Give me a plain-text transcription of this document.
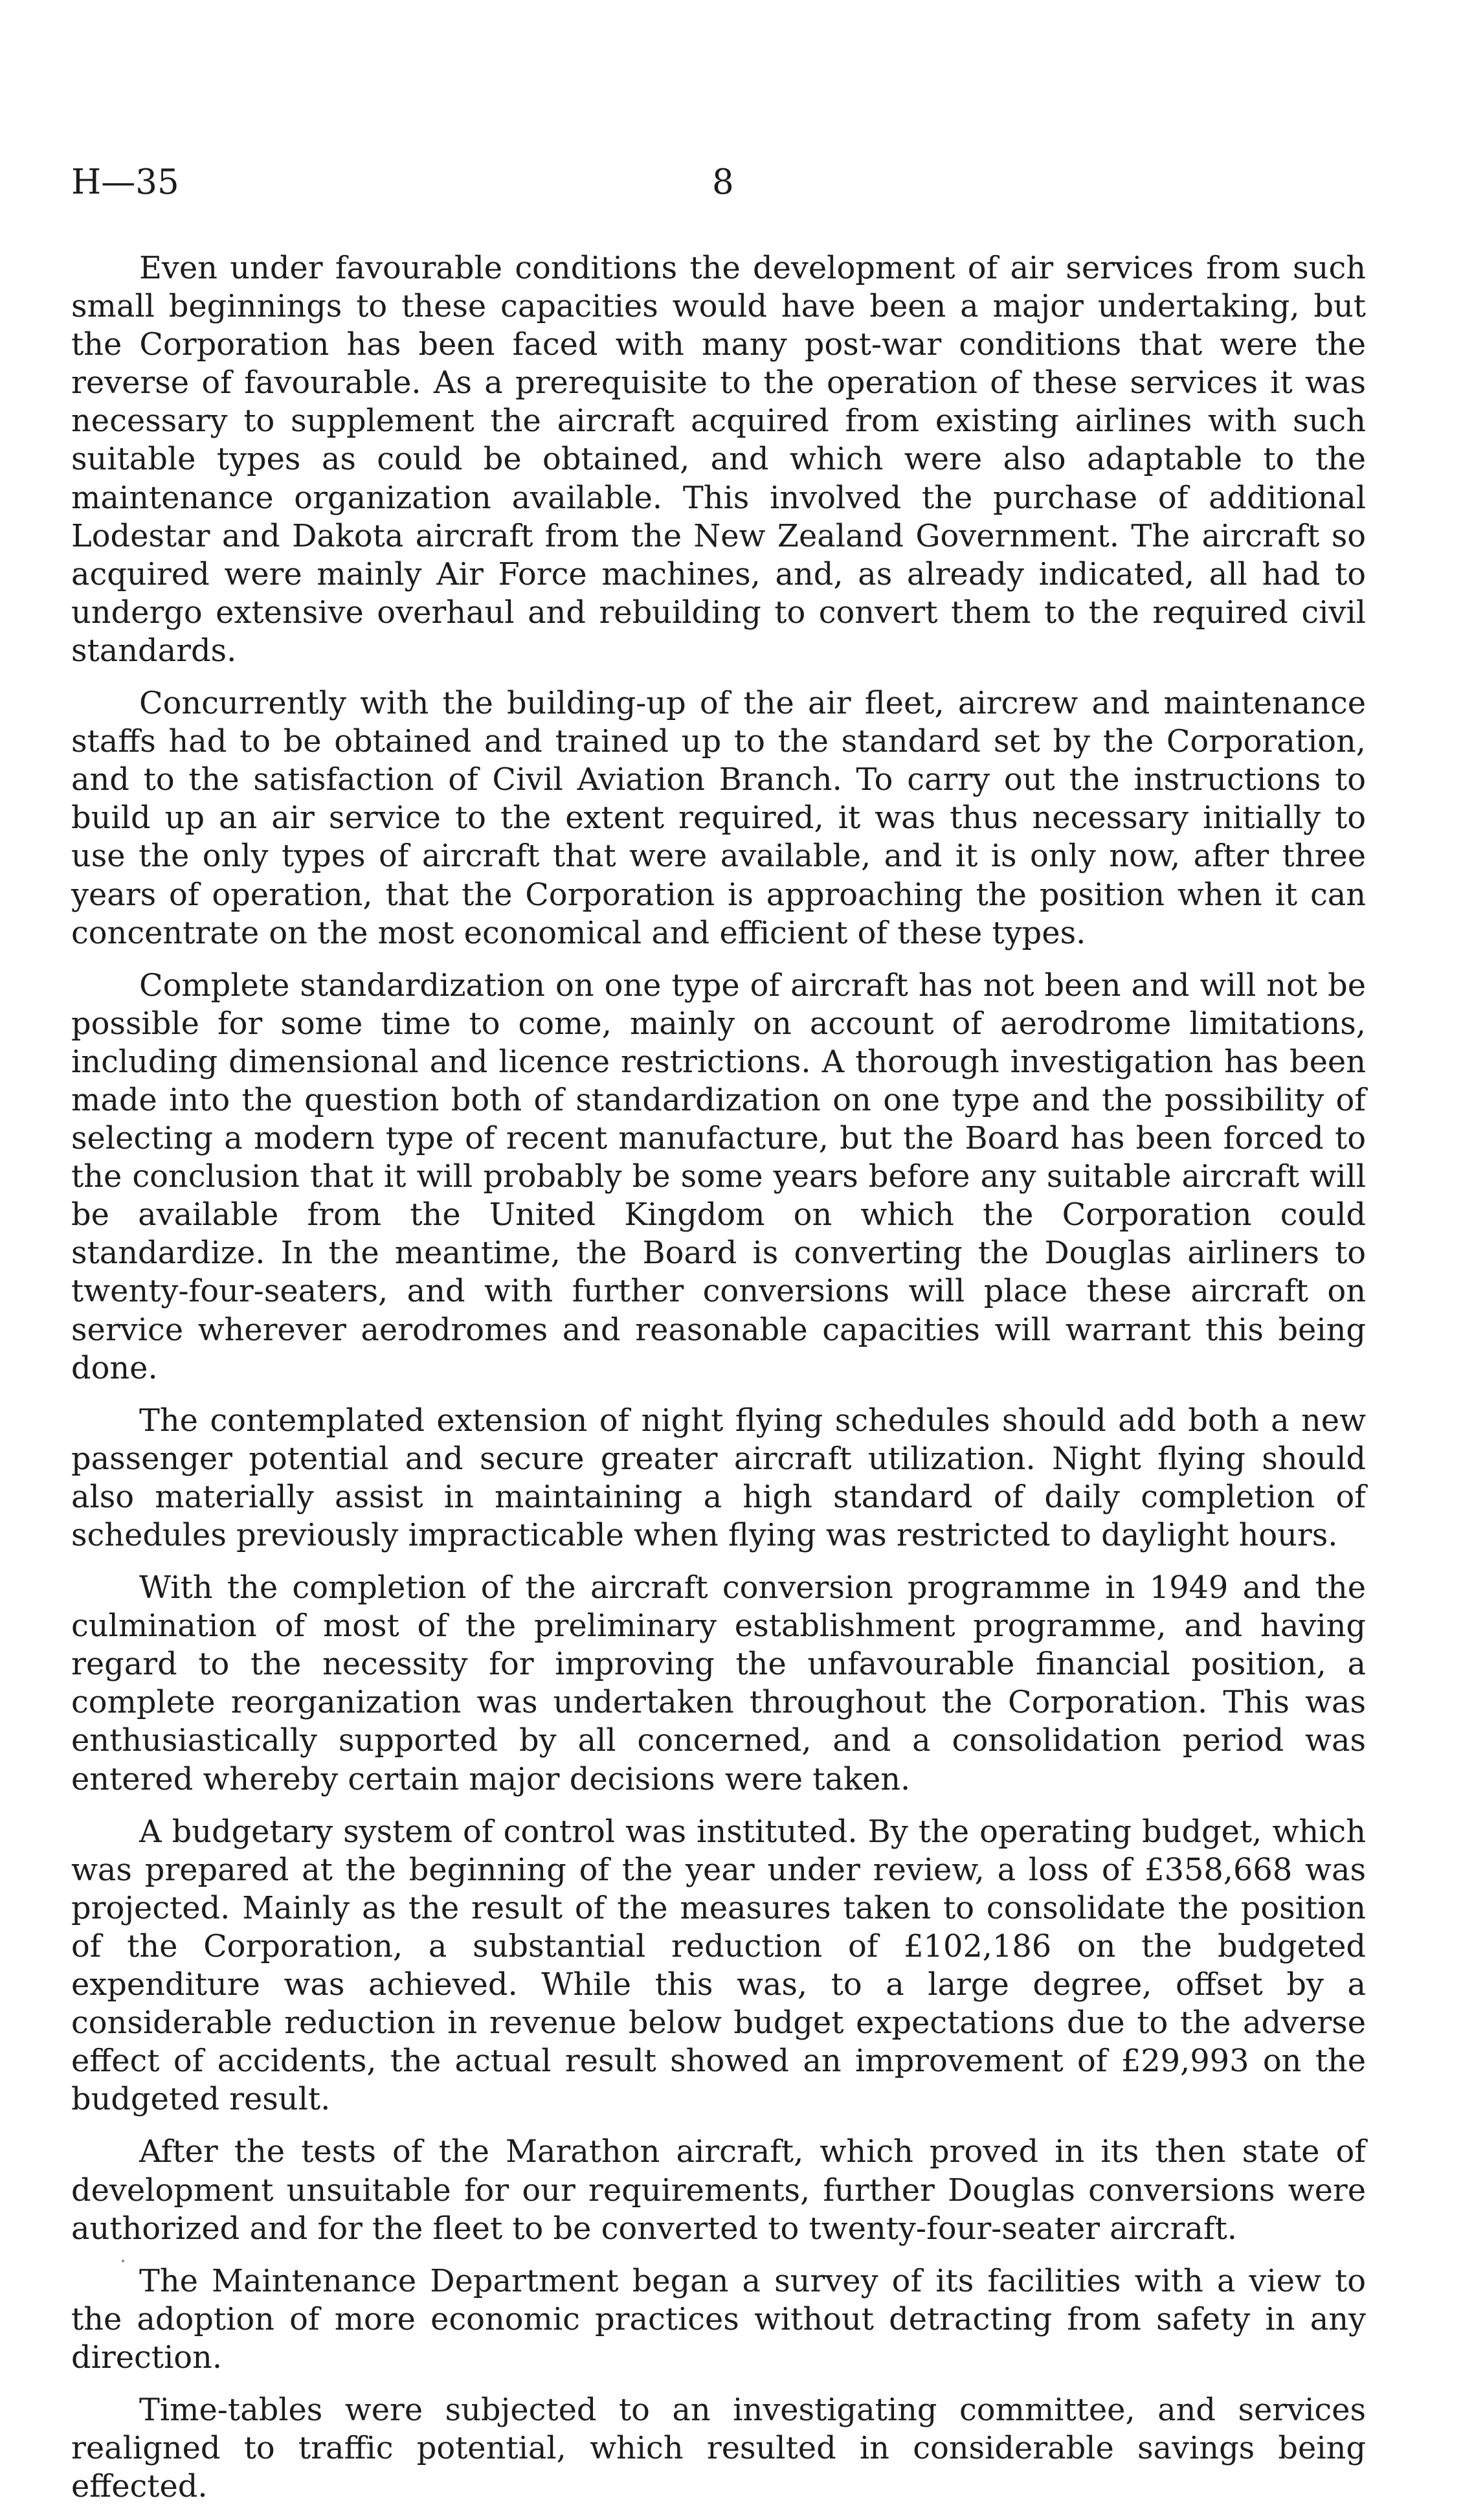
H—35	8

Even under favourable conditions the development of air services from such small beginnings to these capacities would have been a major undertaking, but the Corporation has been faced with many post-war conditions that were the reverse of favourable. As a prerequisite to the operation of these services it was necessary to supplement the aircraft acquired from existing airlines with such suitable types as could be obtained, and which were also adaptable to the maintenance organization available. This involved the purchase of additional Lodestar and Dakota aircraft from the New Zealand Government. The aircraft so acquired were mainly Air Force machines, and, as already indicated, all had to undergo extensive overhaul and rebuilding to convert them to the required civil standards.

Concurrently with the building-up of the air fleet, aircrew and maintenance staffs had to be obtained and trained up to the standard set by the Corporation, and to the satisfaction of Civil Aviation Branch. To carry out the instructions to build up an air service to the extent required, it was thus necessary initially to use the only types of aircraft that were available, and it is only now, after three years of operation, that the Corporation is approaching the position when it can concentrate on the most economical and efficient of these types.

Complete standardization on one type of aircraft has not been and will not be possible for some time to come, mainly on account of aerodrome limitations, including dimensional and licence restrictions. A thorough investigation has been made into the question both of standardization on one type and the possibility of selecting a modern type of recent manufacture, but the Board has been forced to the conclusion that it will probably be some years before any suitable aircraft will be available from the United Kingdom on which the Corporation could standardize. In the meantime, the Board is converting the Douglas airliners to twenty-four-seaters, and with further conversions will place these aircraft on service wherever aerodromes and reasonable capacities will warrant this being done.

The contemplated extension of night flying schedules should add both a new passenger potential and secure greater aircraft utilization. Night flying should also materially assist in maintaining a high standard of daily completion of schedules previously impracticable when flying was restricted to daylight hours.

With the completion of the aircraft conversion programme in 1949 and the culmination of most of the preliminary establishment programme, and having regard to the necessity for improving the unfavourable financial position, a complete reorganization was undertaken throughout the Corporation. This was enthusiastically supported by all concerned, and a consolidation period was entered whereby certain major decisions were taken.

A budgetary system of control was instituted. By the operating budget, which was prepared at the beginning of the year under review, a loss of £358,668 was projected. Mainly as the result of the measures taken to consolidate the position of the Corporation, a substantial reduction of £102,186 on the budgeted expenditure was achieved. While this was, to a large degree, offset by a considerable reduction in revenue below budget expectations due to the adverse effect of accidents, the actual result showed an improvement of £29,993 on the budgeted result.

After the tests of the Marathon aircraft, which proved in its then state of development unsuitable for our requirements, further Douglas conversions were authorized and for the fleet to be converted to twenty-four-seater aircraft.

The Maintenance Department began a survey of its facilities with a view to the adoption of more economic practices without detracting from safety in any direction.

Time-tables were subjected to an investigating committee, and services realigned to traffic potential, which resulted in considerable savings being effected.
